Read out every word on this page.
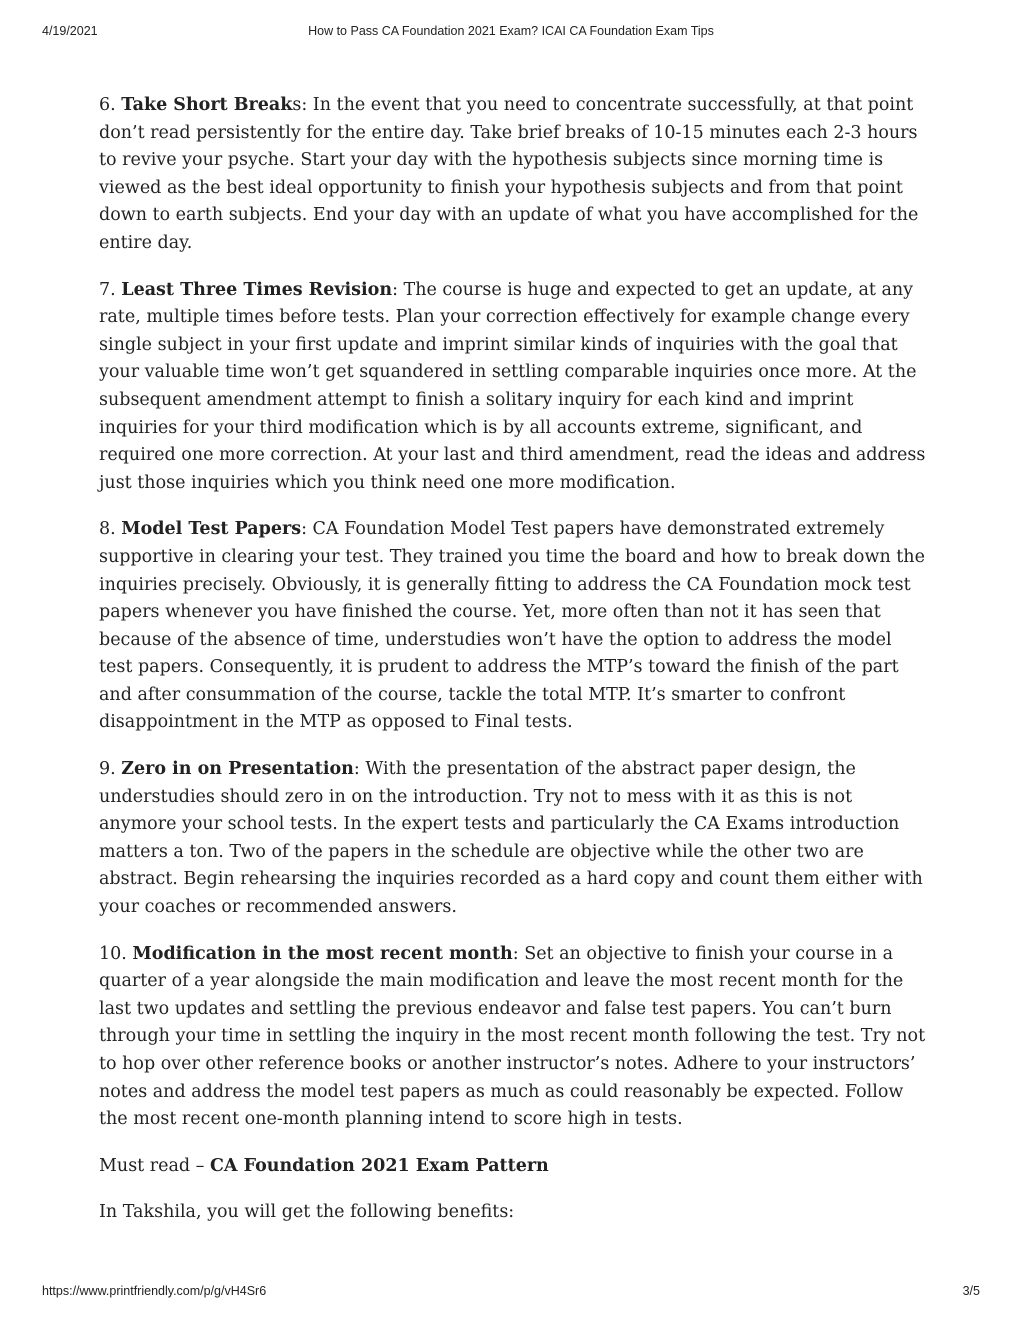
4/19/2021	How to Pass CA Foundation 2021 Exam? ICAI CA Foundation Exam Tips

6. Take Short Breaks: In the event that you need to concentrate successfully, at that point don’t read persistently for the entire day. Take brief breaks of 10-15 minutes each 2-3 hours to revive your psyche. Start your day with the hypothesis subjects since morning time is viewed as the best ideal opportunity to finish your hypothesis subjects and from that point down to earth subjects. End your day with an update of what you have accomplished for the entire day.

7. Least Three Times Revision: The course is huge and expected to get an update, at any rate, multiple times before tests. Plan your correction effectively for example change every single subject in your first update and imprint similar kinds of inquiries with the goal that your valuable time won’t get squandered in settling comparable inquiries once more. At the subsequent amendment attempt to finish a solitary inquiry for each kind and imprint inquiries for your third modification which is by all accounts extreme, significant, and required one more correction. At your last and third amendment, read the ideas and address just those inquiries which you think need one more modification.

8. Model Test Papers: CA Foundation Model Test papers have demonstrated extremely supportive in clearing your test. They trained you time the board and how to break down the inquiries precisely. Obviously, it is generally fitting to address the CA Foundation mock test papers whenever you have finished the course. Yet, more often than not it has seen that because of the absence of time, understudies won’t have the option to address the model test papers. Consequently, it is prudent to address the MTP’s toward the finish of the part and after consummation of the course, tackle the total MTP. It’s smarter to confront disappointment in the MTP as opposed to Final tests.

9. Zero in on Presentation: With the presentation of the abstract paper design, the understudies should zero in on the introduction. Try not to mess with it as this is not anymore your school tests. In the expert tests and particularly the CA Exams introduction matters a ton. Two of the papers in the schedule are objective while the other two are abstract. Begin rehearsing the inquiries recorded as a hard copy and count them either with your coaches or recommended answers.

10. Modification in the most recent month: Set an objective to finish your course in a quarter of a year alongside the main modification and leave the most recent month for the last two updates and settling the previous endeavor and false test papers. You can’t burn through your time in settling the inquiry in the most recent month following the test. Try not to hop over other reference books or another instructor’s notes. Adhere to your instructors’ notes and address the model test papers as much as could reasonably be expected. Follow the most recent one-month planning intend to score high in tests.

Must read – CA Foundation 2021 Exam Pattern

In Takshila, you will get the following benefits:

https://www.printfriendly.com/p/g/vH4Sr6	3/5
